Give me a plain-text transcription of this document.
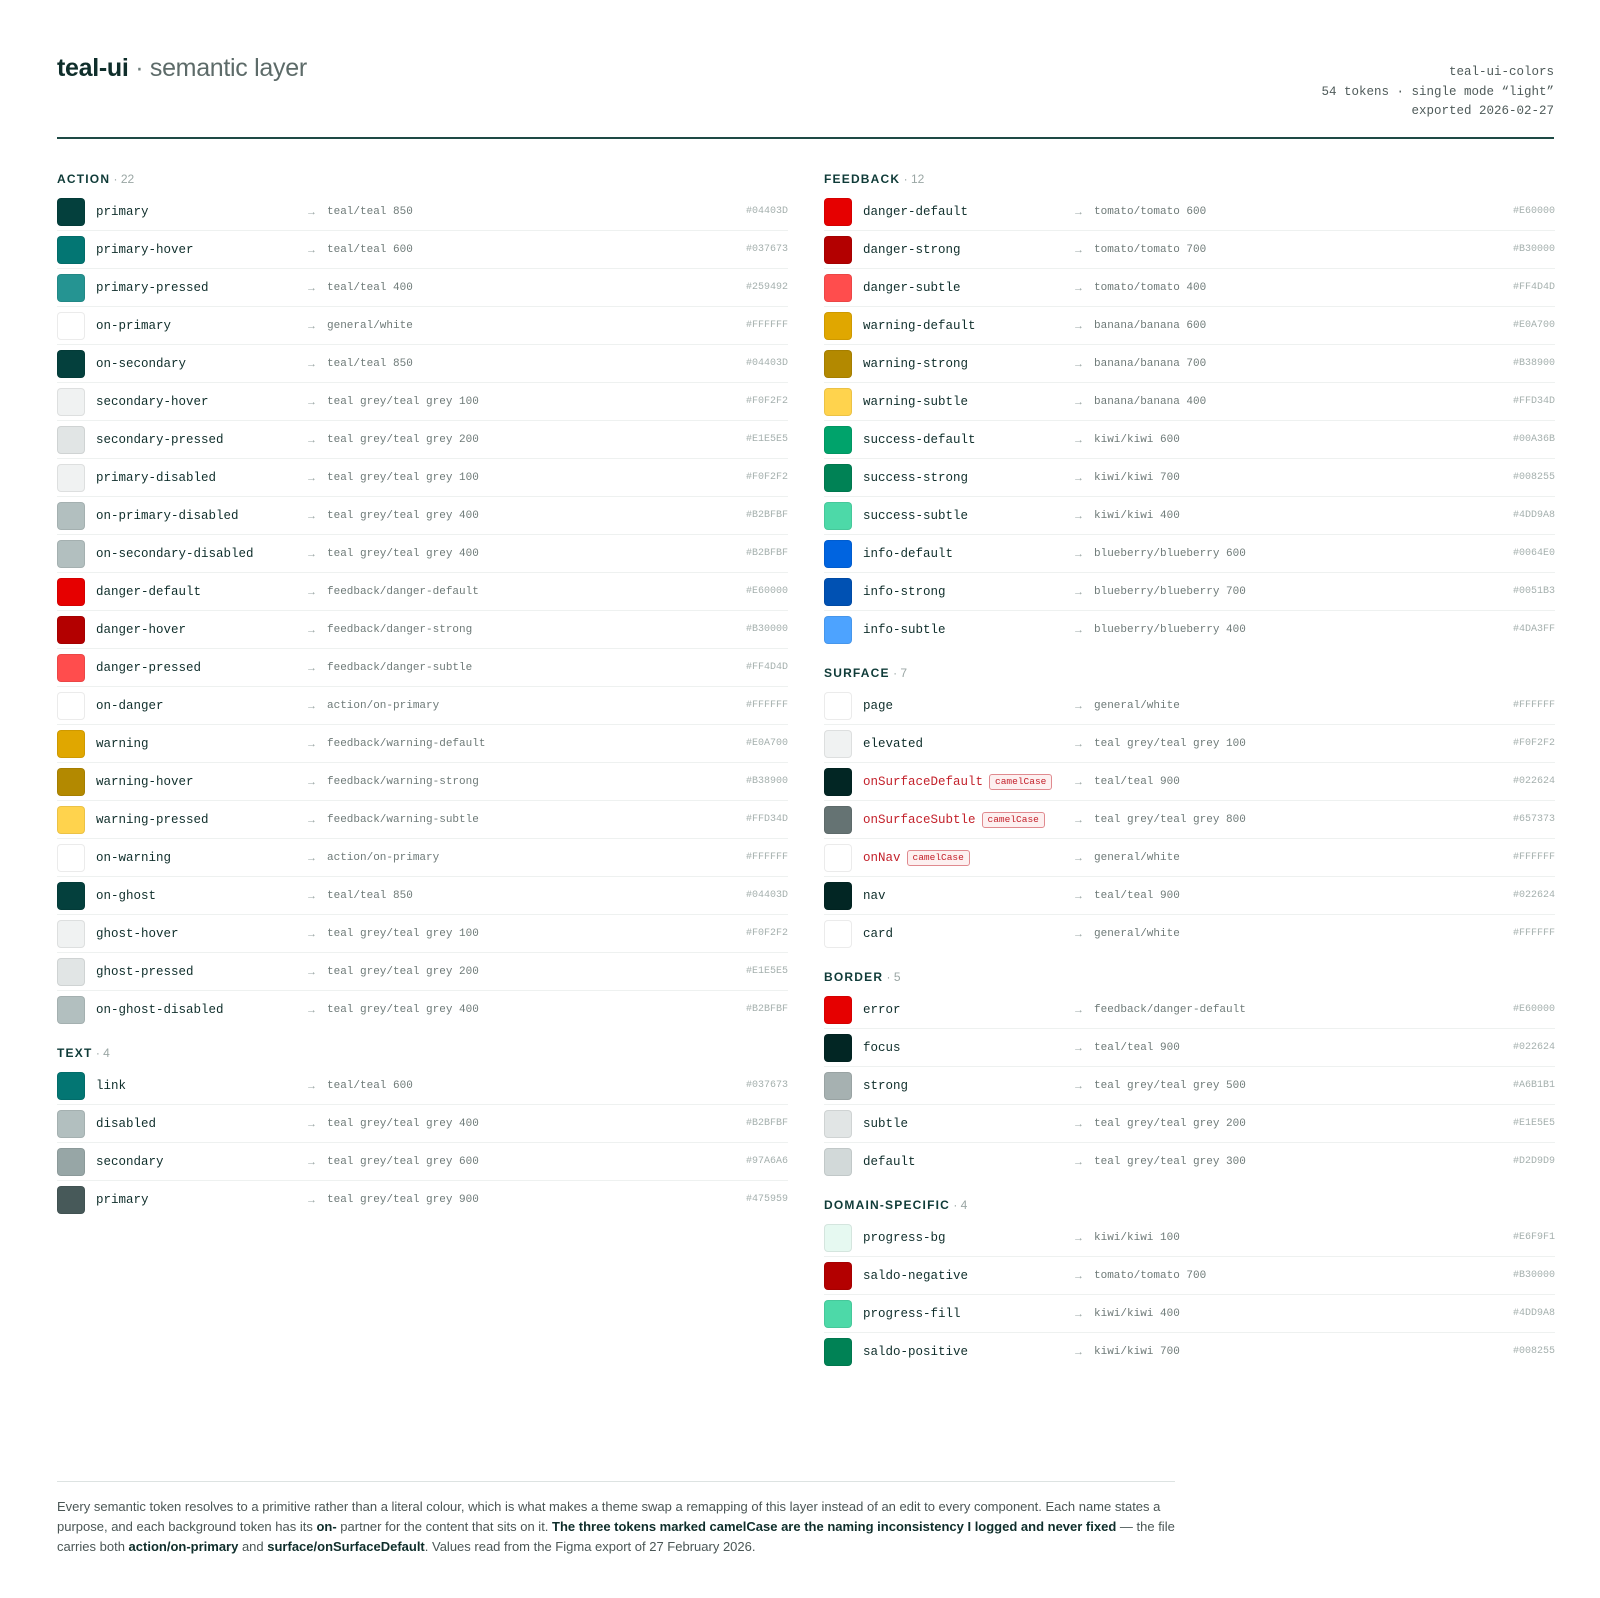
teal-ui · semantic layer	teal-ui-colors
54 tokens · single mode “light”
exported 2026-02-27
ACTION · 22
primary	→ teal/teal 850	#04403D
primary-hover	→ teal/teal 600	#037673
primary-pressed	→ teal/teal 400	#259492
on-primary	→ general/white	#FFFFFF
on-secondary	→ teal/teal 850	#04403D
secondary-hover	→ teal grey/teal grey 100	#F0F2F2
secondary-pressed	→ teal grey/teal grey 200	#E1E5E5
primary-disabled	→ teal grey/teal grey 100	#F0F2F2
on-primary-disabled	→ teal grey/teal grey 400	#B2BFBF
on-secondary-disabled	→ teal grey/teal grey 400	#B2BFBF
danger-default	→ feedback/danger-default	#E60000
danger-hover	→ feedback/danger-strong	#B30000
danger-pressed	→ feedback/danger-subtle	#FF4D4D
on-danger	→ action/on-primary	#FFFFFF
warning	→ feedback/warning-default	#E0A700
warning-hover	→ feedback/warning-strong	#B38900
warning-pressed	→ feedback/warning-subtle	#FFD34D
on-warning	→ action/on-primary	#FFFFFF
on-ghost	→ teal/teal 850	#04403D
ghost-hover	→ teal grey/teal grey 100	#F0F2F2
ghost-pressed	→ teal grey/teal grey 200	#E1E5E5
on-ghost-disabled	→ teal grey/teal grey 400	#B2BFBF
TEXT · 4
link	→ teal/teal 600	#037673
disabled	→ teal grey/teal grey 400	#B2BFBF
secondary	→ teal grey/teal grey 600	#97A6A6
primary	→ teal grey/teal grey 900	#475959
FEEDBACK · 12
danger-default	→ tomato/tomato 600	#E60000
danger-strong	→ tomato/tomato 700	#B30000
danger-subtle	→ tomato/tomato 400	#FF4D4D
warning-default	→ banana/banana 600	#E0A700
warning-strong	→ banana/banana 700	#B38900
warning-subtle	→ banana/banana 400	#FFD34D
success-default	→ kiwi/kiwi 600	#00A36B
success-strong	→ kiwi/kiwi 700	#008255
success-subtle	→ kiwi/kiwi 400	#4DD9A8
info-default	→ blueberry/blueberry 600	#0064E0
info-strong	→ blueberry/blueberry 700	#0051B3
info-subtle	→ blueberry/blueberry 400	#4DA3FF
SURFACE · 7
page	→ general/white	#FFFFFF
elevated	→ teal grey/teal grey 100	#F0F2F2
onSurfaceDefault camelCase	→ teal/teal 900	#022624
onSurfaceSubtle camelCase	→ teal grey/teal grey 800	#657373
onNav camelCase	→ general/white	#FFFFFF
nav	→ teal/teal 900	#022624
card	→ general/white	#FFFFFF
BORDER · 5
error	→ feedback/danger-default	#E60000
focus	→ teal/teal 900	#022624
strong	→ teal grey/teal grey 500	#A6B1B1
subtle	→ teal grey/teal grey 200	#E1E5E5
default	→ teal grey/teal grey 300	#D2D9D9
DOMAIN-SPECIFIC · 4
progress-bg	→ kiwi/kiwi 100	#E6F9F1
saldo-negative	→ tomato/tomato 700	#B30000
progress-fill	→ kiwi/kiwi 400	#4DD9A8
saldo-positive	→ kiwi/kiwi 700	#008255
Every semantic token resolves to a primitive rather than a literal colour, which is what makes a theme swap a remapping of this layer instead of an edit to every component. Each name states a purpose, and each background token has its on- partner for the content that sits on it. The three tokens marked camelCase are the naming inconsistency I logged and never fixed — the file carries both action/on-primary and surface/onSurfaceDefault. Values read from the Figma export of 27 February 2026.
